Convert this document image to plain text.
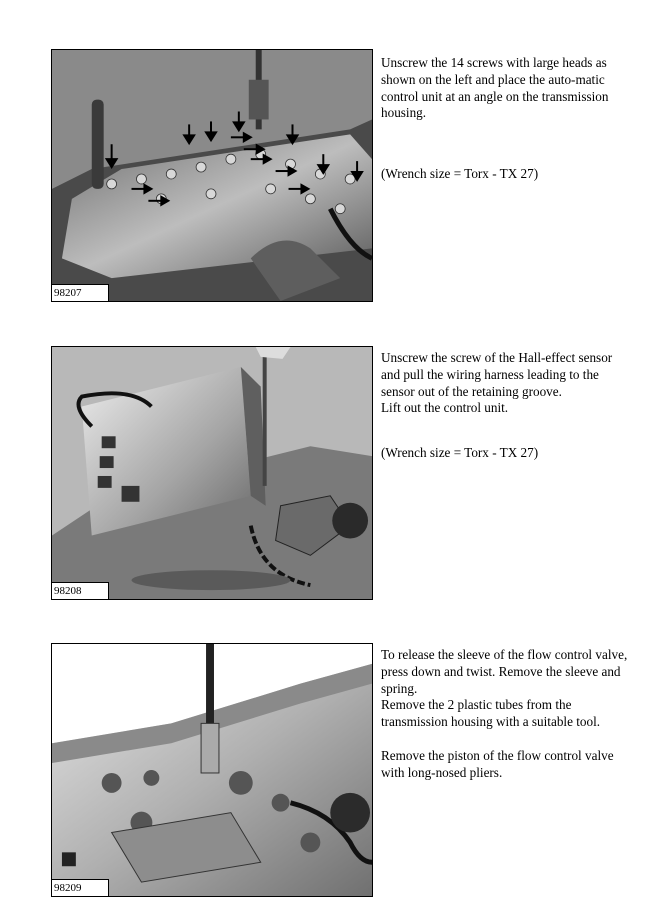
98207

Unscrew the 14 screws with large heads as shown on the left and place the auto-matic control unit at an angle on the transmission housing.

(Wrench size = Torx - TX 27)

98208

Unscrew the screw of the Hall-effect sensor and pull the wiring harness leading to the sensor out of the retaining groove.

Lift out the control unit.

(Wrench size = Torx - TX 27)

98209

To release the sleeve of the flow control valve, press down and twist. Remove the sleeve and spring.

Remove the 2 plastic tubes from the transmission housing with a suitable tool.

Remove the piston of the flow control valve with long-nosed pliers.
